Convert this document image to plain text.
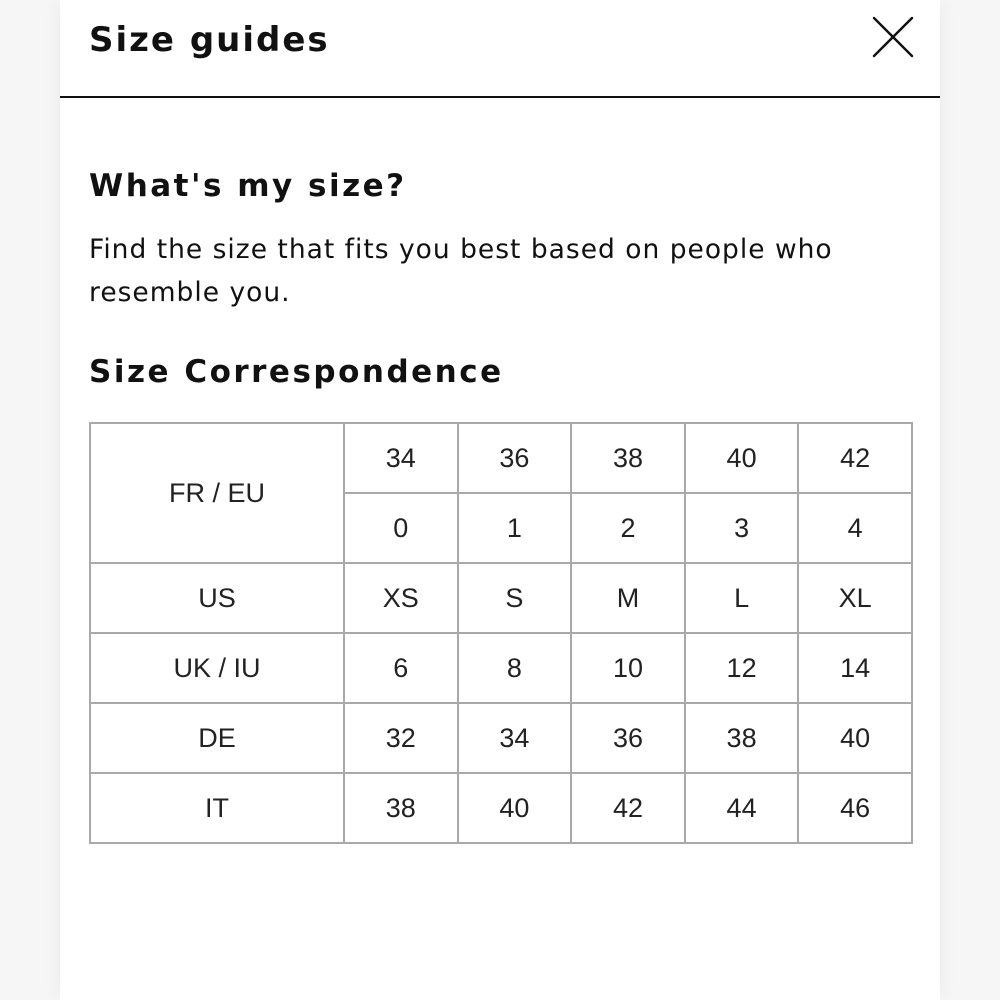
Size guides
What's my size?

Find the size that fits you best based on people who resemble you.

Size Correspondence
FR / EU	34	36	38	40	42
	0	1	2	3	4
US	XS	S	M	L	XL
UK / IU	6	8	10	12	14
DE	32	34	36	38	40
IT	38	40	42	44	46
